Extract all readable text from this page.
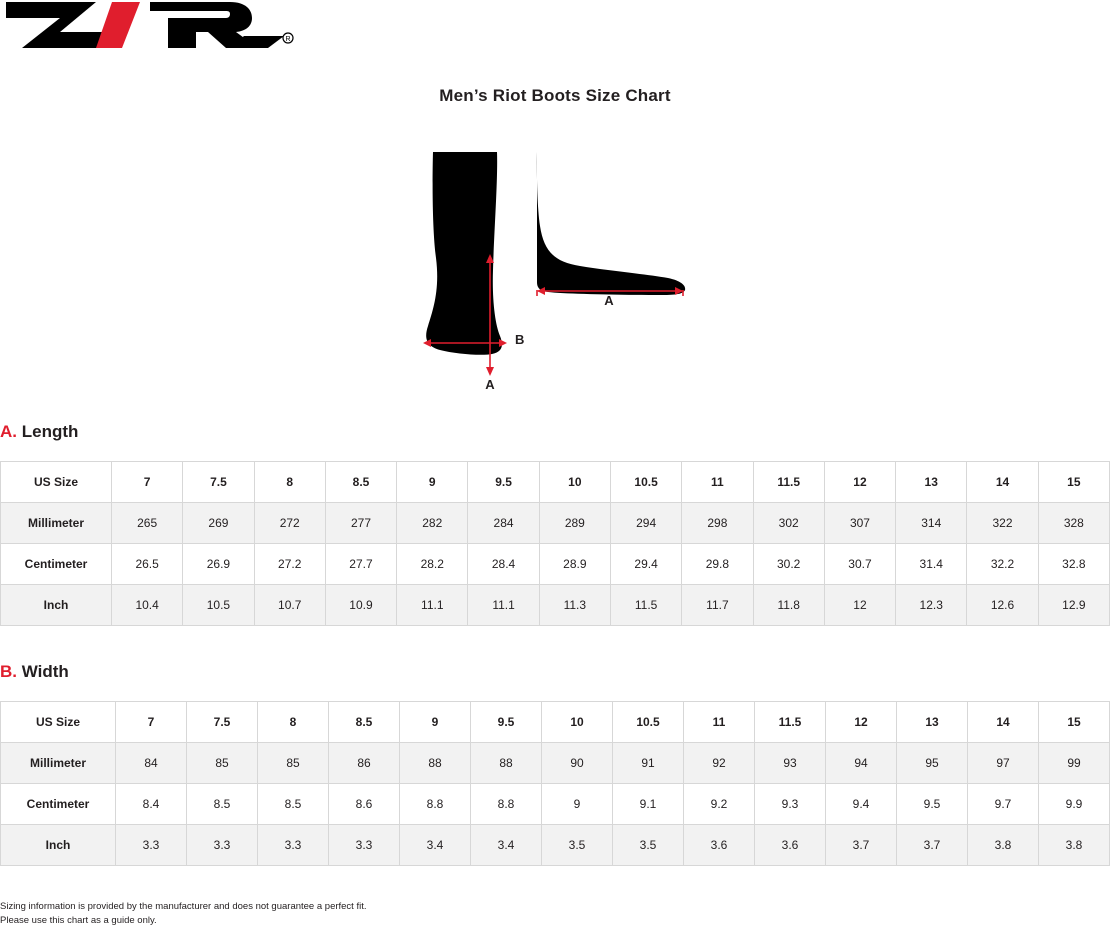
R
Men’s Riot Boots Size Chart
A
A
B
A. Length
US Size	7	7.5	8	8.5	9	9.5	10	10.5	11	11.5	12	13	14	15
Millimeter	265	269	272	277	282	284	289	294	298	302	307	314	322	328
Centimeter	26.5	26.9	27.2	27.7	28.2	28.4	28.9	29.4	29.8	30.2	30.7	31.4	32.2	32.8
Inch	10.4	10.5	10.7	10.9	11.1	11.1	11.3	11.5	11.7	11.8	12	12.3	12.6	12.9
B. Width
US Size	7	7.5	8	8.5	9	9.5	10	10.5	11	11.5	12	13	14	15
Millimeter	84	85	85	86	88	88	90	91	92	93	94	95	97	99
Centimeter	8.4	8.5	8.5	8.6	8.8	8.8	9	9.1	9.2	9.3	9.4	9.5	9.7	9.9
Inch	3.3	3.3	3.3	3.3	3.4	3.4	3.5	3.5	3.6	3.6	3.7	3.7	3.8	3.8
Sizing information is provided by the manufacturer and does not guarantee a perfect fit.
Please use this chart as a guide only.
